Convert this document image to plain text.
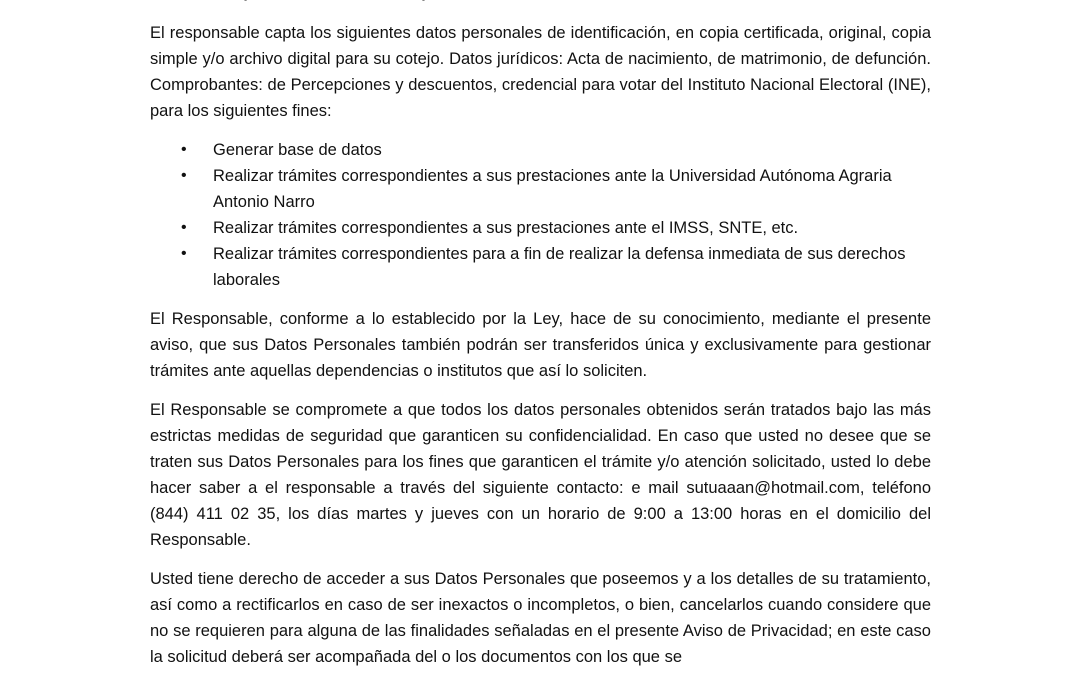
El responsable capta los siguientes datos personales de identificación, en copia certificada, original, copia simple y/o archivo digital para su cotejo. Datos jurídicos: Acta de nacimiento, de matrimonio, de defunción. Comprobantes: de Percepciones y descuentos, credencial para votar del Instituto Nacional Electoral (INE), para los siguientes fines:

• Generar base de datos
• Realizar trámites correspondientes a sus prestaciones ante la Universidad Autónoma Agraria Antonio Narro
• Realizar trámites correspondientes a sus prestaciones ante el IMSS, SNTE, etc.
• Realizar trámites correspondientes para a fin de realizar la defensa inmediata de sus derechos laborales

El Responsable, conforme a lo establecido por la Ley, hace de su conocimiento, mediante el presente aviso, que sus Datos Personales también podrán ser transferidos única y exclusivamente para gestionar trámites ante aquellas dependencias o institutos que así lo soliciten.

El Responsable se compromete a que todos los datos personales obtenidos serán tratados bajo las más estrictas medidas de seguridad que garanticen su confidencialidad. En caso que usted no desee que se traten sus Datos Personales para los fines que garanticen el trámite y/o atención solicitado, usted lo debe hacer saber a el responsable a través del siguiente contacto: e mail sutuaaan@hotmail.com, teléfono (844) 411 02 35, los días martes y jueves con un horario de 9:00 a 13:00 horas en el domicilio del Responsable.

Usted tiene derecho de acceder a sus Datos Personales que poseemos y a los detalles de su tratamiento, así como a rectificarlos en caso de ser inexactos o incompletos, o bien, cancelarlos cuando considere que no se requieren para alguna de las finalidades señaladas en el presente Aviso de Privacidad; en este caso la solicitud deberá ser acompañada del o los documentos con los que se
